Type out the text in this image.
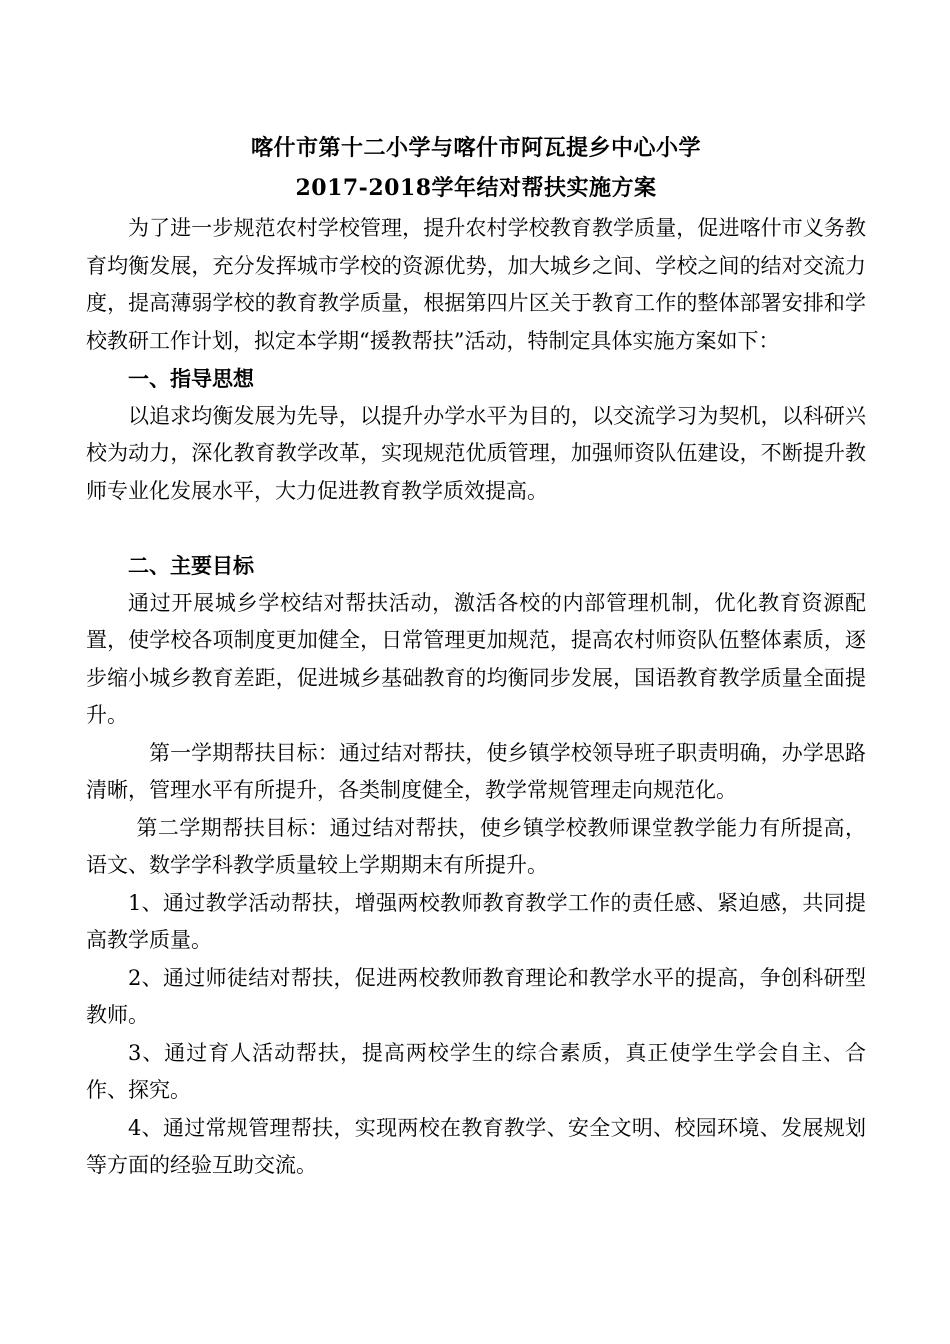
喀什市第十二小学与喀什市阿瓦提乡中心小学

2017-2018学年结对帮扶实施方案

为了进一步规范农村学校管理，提升农村学校教育教学质量，促进喀什市义务教育均衡发展，充分发挥城市学校的资源优势，加大城乡之间、学校之间的结对交流力度，提高薄弱学校的教育教学质量，根据第四片区关于教育工作的整体部署安排和学校教研工作计划，拟定本学期“援教帮扶”活动，特制定具体实施方案如下：

一、指导思想

以追求均衡发展为先导，以提升办学水平为目的，以交流学习为契机，以科研兴校为动力，深化教育教学改革，实现规范优质管理，加强师资队伍建设，不断提升教师专业化发展水平，大力促进教育教学质效提高。

二、主要目标

通过开展城乡学校结对帮扶活动，激活各校的内部管理机制，优化教育资源配置，使学校各项制度更加健全，日常管理更加规范，提高农村师资队伍整体素质，逐步缩小城乡教育差距，促进城乡基础教育的均衡同步发展，国语教育教学质量全面提升。

第一学期帮扶目标：通过结对帮扶，使乡镇学校领导班子职责明确，办学思路清晰，管理水平有所提升，各类制度健全，教学常规管理走向规范化。

第二学期帮扶目标：通过结对帮扶，使乡镇学校教师课堂教学能力有所提高，语文、数学学科教学质量较上学期期末有所提升。

1、通过教学活动帮扶，增强两校教师教育教学工作的责任感、紧迫感，共同提高教学质量。

2、通过师徒结对帮扶，促进两校教师教育理论和教学水平的提高，争创科研型教师。

3、通过育人活动帮扶，提高两校学生的综合素质，真正使学生学会自主、合作、探究。

4、通过常规管理帮扶，实现两校在教育教学、安全文明、校园环境、发展规划等方面的经验互助交流。
